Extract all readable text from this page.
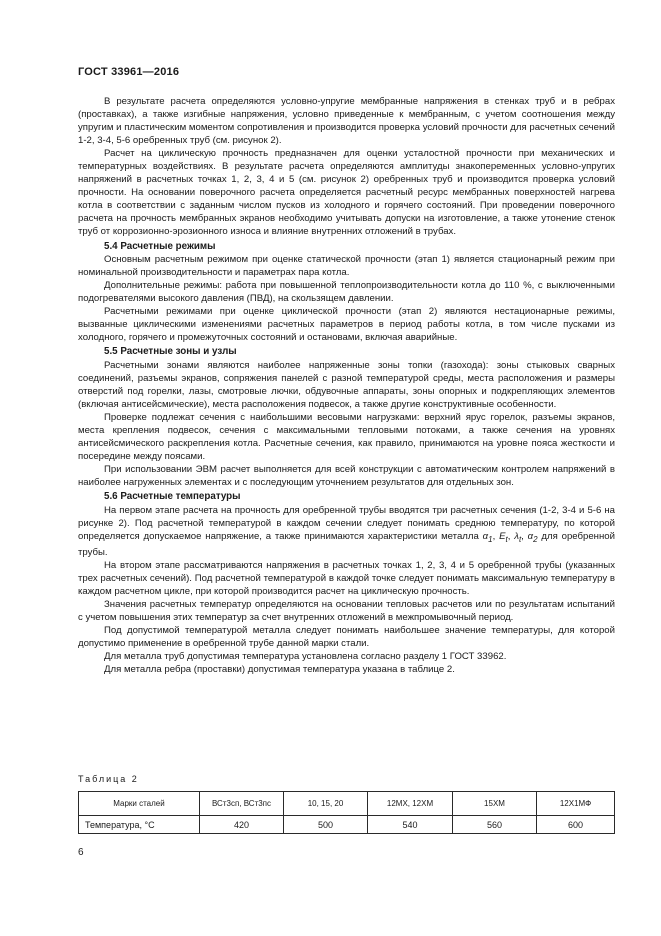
ГОСТ 33961—2016

В результате расчета определяются условно-упругие мембранные напряжения в стенках труб и в ребрах (проставках), а также изгибные напряжения, условно приведенные к мембранным, с учетом соотношения между упругим и пластическим моментом сопротивления и производится проверка условий прочности для расчетных сечений 1-2, 3-4, 5-6 оребренных труб (см. рисунок 2).

Расчет на циклическую прочность предназначен для оценки усталостной прочности при механических и температурных воздействиях. В результате расчета определяются амплитуды знакопеременных условно-упругих напряжений в расчетных точках 1, 2, 3, 4 и 5 (см. рисунок 2) оребренных труб и производится проверка условий прочности. На основании поверочного расчета определяется расчетный ресурс мембранных поверхностей нагрева котла в соответствии с заданным числом пусков из холодного и горячего состояний. При проведении поверочного расчета на прочность мембранных экранов необходимо учитывать допуски на изготовление, а также утонение стенок труб от коррозионно-эрозионного износа и влияние внутренних отложений в трубах.

5.4 Расчетные режимы

Основным расчетным режимом при оценке статической прочности (этап 1) является стационарный режим при номинальной производительности и параметрах пара котла.

Дополнительные режимы: работа при повышенной теплопроизводительности котла до 110 %, с выключенными подогревателями высокого давления (ПВД), на скользящем давлении.

Расчетными режимами при оценке циклической прочности (этап 2) являются нестационарные режимы, вызванные циклическими изменениями расчетных параметров в период работы котла, в том числе пусками из холодного, горячего и промежуточных состояний и остановами, включая аварийные.

5.5 Расчетные зоны и узлы

Расчетными зонами являются наиболее напряженные зоны топки (газохода): зоны стыковых сварных соединений, разъемы экранов, сопряжения панелей с разной температурой среды, места расположения и размеры отверстий под горелки, лазы, смотровые лючки, обдувочные аппараты, зоны опорных и подкрепляющих элементов (включая антисейсмические), места расположения подвесок, а также другие конструктивные особенности.

Проверке подлежат сечения с наибольшими весовыми нагрузками: верхний ярус горелок, разъемы экранов, места крепления подвесок, сечения с максимальными тепловыми потоками, а также сечения на уровнях антисейсмического раскрепления котла. Расчетные сечения, как правило, принимаются на уровне пояса жесткости и посередине между поясами.

При использовании ЭВМ расчет выполняется для всей конструкции с автоматическим контролем напряжений в наиболее нагруженных элементах и с последующим уточнением результатов для отдельных зон.

5.6 Расчетные температуры

На первом этапе расчета на прочность для оребренной трубы вводятся три расчетных сечения (1-2, 3-4 и 5-6 на рисунке 2). Под расчетной температурой в каждом сечении следует понимать среднюю температуру, по которой определяется допускаемое напряжение, а также принимаются характеристики металла $\alpha_1$, $E_t$, $\lambda_t$, $\alpha_2$ для оребренной трубы.

На втором этапе рассматриваются напряжения в расчетных точках 1, 2, 3, 4 и 5 оребренной трубы (указанных трех расчетных сечений). Под расчетной температурой в каждой точке следует понимать максимальную температуру в каждом расчетном цикле, при которой производится расчет на циклическую прочность.

Значения расчетных температур определяются на основании тепловых расчетов или по результатам испытаний с учетом повышения этих температур за счет внутренних отложений в межпромывочный период.

Под допустимой температурой металла следует понимать наибольшее значение температуры, для которой допустимо применение в оребренной трубе данной марки стали.

Для металла труб допустимая температура установлена согласно разделу 1 ГОСТ 33962.

Для металла ребра (проставки) допустимая температура указана в таблице 2.

Таблица 2
Марки сталей	ВСт3сп, ВСт3пс	10, 15, 20	12МХ, 12ХМ	15ХМ	12Х1МФ
Температура, °С	420	500	540	560	600
6
